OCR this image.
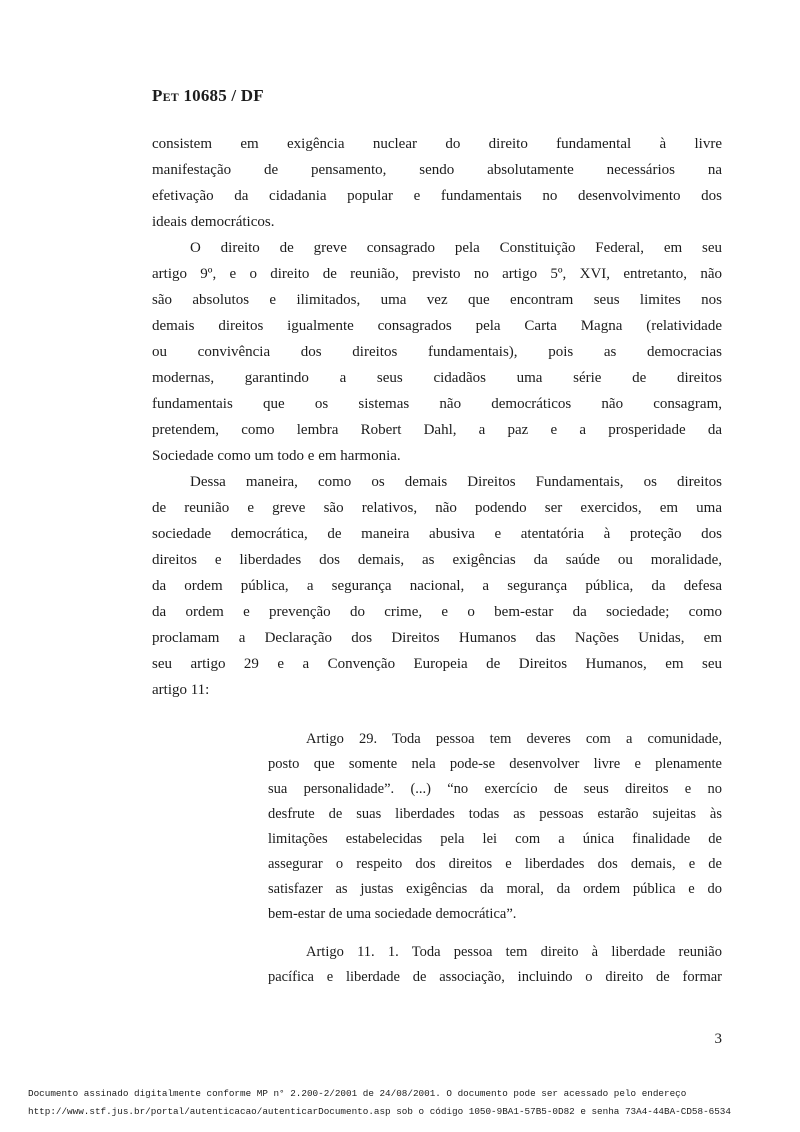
Pet 10685 / DF
consistem em exigência nuclear do direito fundamental à livre
manifestação de pensamento, sendo absolutamente necessários na
efetivação da cidadania popular e fundamentais no desenvolvimento dos
ideais democráticos.
O direito de greve consagrado pela Constituição Federal, em seu
artigo 9º, e o direito de reunião, previsto no artigo 5º, XVI, entretanto, não
são absolutos e ilimitados, uma vez que encontram seus limites nos
demais direitos igualmente consagrados pela Carta Magna (relatividade
ou convivência dos direitos fundamentais), pois as democracias
modernas, garantindo a seus cidadãos uma série de direitos
fundamentais que os sistemas não democráticos não consagram,
pretendem, como lembra Robert Dahl, a paz e a prosperidade da
Sociedade como um todo e em harmonia.
Dessa maneira, como os demais Direitos Fundamentais, os direitos
de reunião e greve são relativos, não podendo ser exercidos, em uma
sociedade democrática, de maneira abusiva e atentatória à proteção dos
direitos e liberdades dos demais, as exigências da saúde ou moralidade,
da ordem pública, a segurança nacional, a segurança pública, da defesa
da ordem e prevenção do crime, e o bem-estar da sociedade; como
proclamam a Declaração dos Direitos Humanos das Nações Unidas, em
seu artigo 29 e a Convenção Europeia de Direitos Humanos, em seu
artigo 11:
Artigo 29. Toda pessoa tem deveres com a comunidade,
posto que somente nela pode-se desenvolver livre e plenamente
sua personalidade”. (...) “no exercício de seus direitos e no
desfrute de suas liberdades todas as pessoas estarão sujeitas às
limitações estabelecidas pela lei com a única finalidade de
assegurar o respeito dos direitos e liberdades dos demais, e de
satisfazer as justas exigências da moral, da ordem pública e do
bem-estar de uma sociedade democrática”.
Artigo 11. 1. Toda pessoa tem direito à liberdade reunião
pacífica e liberdade de associação, incluindo o direito de formar
3
Documento assinado digitalmente conforme MP n° 2.200-2/2001 de 24/08/2001. O documento pode ser acessado pelo endereço
http://www.stf.jus.br/portal/autenticacao/autenticarDocumento.asp sob o código 1050-9BA1-57B5-0D82 e senha 73A4-44BA-CD58-6534
